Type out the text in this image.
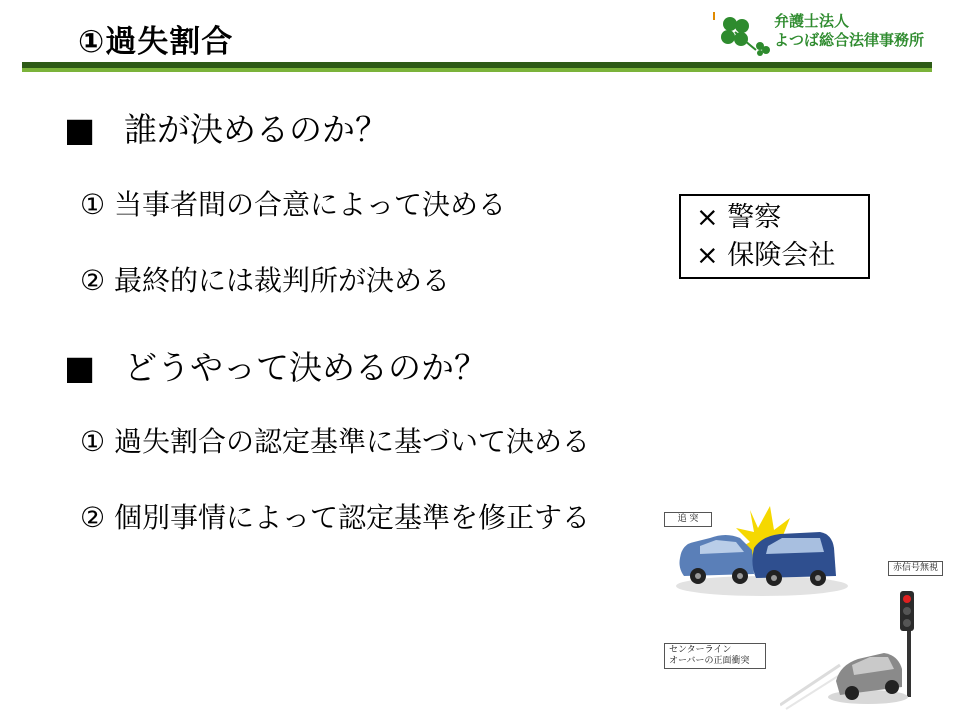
①過失割合
弁護士法人
よつば総合法律事務所
■ 誰が決めるのか？
① 当事者間の合意によって決める
② 最終的には裁判所が決める
× 警察
× 保険会社
■ どうやって決めるのか？
① 過失割合の認定基準に基づいて決める
② 個別事情によって認定基準を修正する	追 突
赤信号無視
センターライン
オーバーの正面衝突
